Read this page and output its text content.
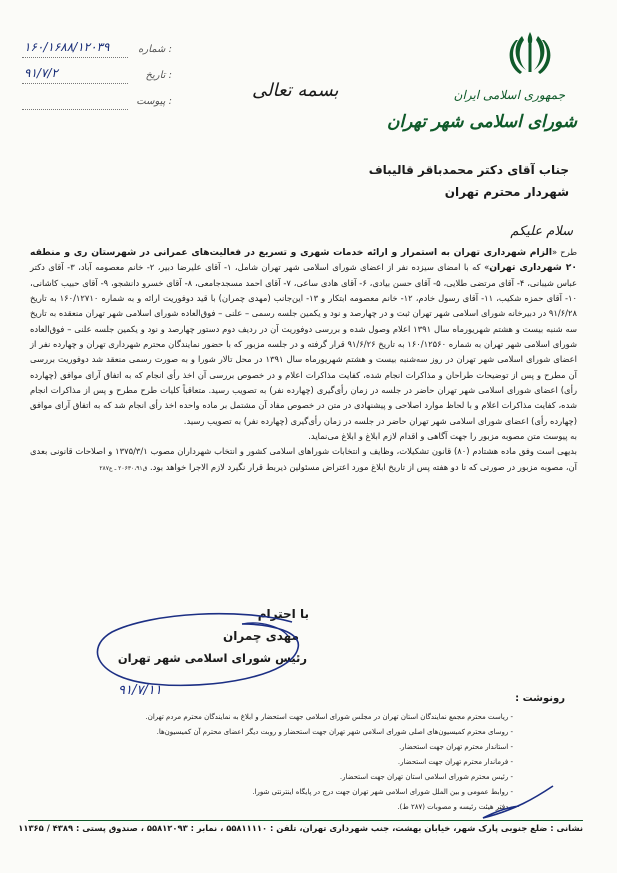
جمهوری اسلامی ایران
شورای اسلامی شهر تهران
شماره :
۱۶۰/۱۶۸۸/۱۲۰۳۹
تاریخ :
۹۱/۷/۲
پیوست :
بسمه تعالی
جناب آقای دکتر محمدباقر قالیباف
شهردار محترم تهران
سلام علیکم

طرح «الزام شهرداری تهران به استمرار و ارائه خدمات شهری و تسریع در فعالیت‌های عمرانی در شهرستان ری و منطقه ۲۰ شهرداری تهران» که با امضای سیزده نفر از اعضای شورای اسلامی شهر تهران شامل، ۱- آقای علیرضا دبیر، ۲- خانم معصومه آباد، ۳- آقای دکتر عباس شیبانی، ۴- آقای مرتضی طلایی، ۵- آقای حسن بیادی، ۶- آقای هادی ساعی، ۷- آقای احمد مسجدجامعی، ۸- آقای خسرو دانشجو، ۹- آقای حبیب کاشانی، ۱۰- آقای حمزه شکیب، ۱۱- آقای رسول خادم، ۱۲- خانم معصومه ابتکار و ۱۳- این‌جانب (مهدی چمران) با قید دوفوریت ارائه و به شماره ۱۶۰/۱۲۷۱۰ به تاریخ ۹۱/۶/۲۸ در دبیرخانه شورای اسلامی شهر تهران ثبت و در چهارصد و نود و یکمین جلسه رسمی – علنی – فوق‌العاده شورای اسلامی شهر تهران منعقده به تاریخ سه شنبه بیست و هشتم شهریورماه سال ۱۳۹۱ اعلام وصول شده و بررسی دوفوریت آن در ردیف دوم دستور چهارصد و نود و یکمین جلسه علنی – فوق‌العاده شورای اسلامی شهر تهران به شماره ۱۶۰/۱۲۵۶۰ به تاریخ ۹۱/۶/۲۶ قرار گرفته و در جلسه مزبور که با حضور نمایندگان محترم شهرداری تهران و چهارده نفر از اعضای شورای اسلامی شهر تهران در روز سه‌شنبه بیست و هشتم شهریورماه سال ۱۳۹۱ در محل تالار شورا و به صورت رسمی منعقد شد دوفوریت بررسی آن مطرح و پس از توضیحات طراحان و مذاکرات انجام شده، کفایت مذاکرات اعلام و در خصوص بررسی آن اخذ رأی انجام که به اتفاق آرای موافق (چهارده رأی) اعضای شورای اسلامی شهر تهران حاضر در جلسه در زمان رأی‌گیری (چهارده نفر) به تصویب رسید. متعاقباً کلیات طرح مطرح و پس از مذاکرات انجام شده، کفایت مذاکرات اعلام و با لحاظ موارد اصلاحی و پیشنهادی در متن در خصوص مفاد آن مشتمل بر ماده واحده اخذ رأی انجام شد که به اتفاق آرای موافق (چهارده رأی) اعضای شورای اسلامی شهر تهران حاضر در جلسه در زمان رأی‌گیری (چهارده نفر) به تصویب رسید.

به پیوست متن مصوبه مزبور را جهت آگاهی و اقدام لازم ابلاغ و ابلاغ می‌نماید.

بدیهی است وفق ماده هشتادم (۸۰) قانون تشکیلات، وظایف و انتخابات شوراهای اسلامی کشور و انتخاب شهرداران مصوب ۱۳۷۵/۳/۱ و اصلاحات قانونی بعدی آن، مصوبه مزبور در صورتی که تا دو هفته پس از تاریخ ابلاغ مورد اعتراض مسئولین ذیربط قرار نگیرد لازم الاجرا خواهد بود. ق۲۰۶۳۰،۹۱ ـ ع۲۸۷

با احترام
مهدی چمران
رئیس شورای اسلامی شهر تهران
۹۱/۷/۱۱
رونوشت :
- ریاست محترم مجمع نمایندگان استان تهران در مجلس شورای اسلامی جهت استحضار و ابلاغ به نمایندگان محترم مردم تهران.
- روسای محترم کمیسیون‌های اصلی شورای اسلامی شهر تهران جهت استحضار و روبت دیگر اعضای محترم آن کمیسیون‌ها.
- استاندار محترم تهران جهت استحضار.
- فرماندار محترم تهران جهت استحضار.
- رئیس محترم شورای اسلامی استان تهران جهت استحضار.
- روابط عمومی و بین الملل شورای اسلامی شهر تهران جهت درج در پایگاه اینترنتی شورا.
- دفتر هیئت رئیسه و مصوبات (۲۸۷ ط).
نشانی : ضلع جنوبی پارک شهر، خیابان بهشت، جنب شهرداری تهران، تلفن : ۵۵۸۱۱۱۱۰ ، نمابر : ۵۵۸۱۲۰۹۳ ، صندوق پستی : ۴۳۸۹ / ۱۱۳۶۵
